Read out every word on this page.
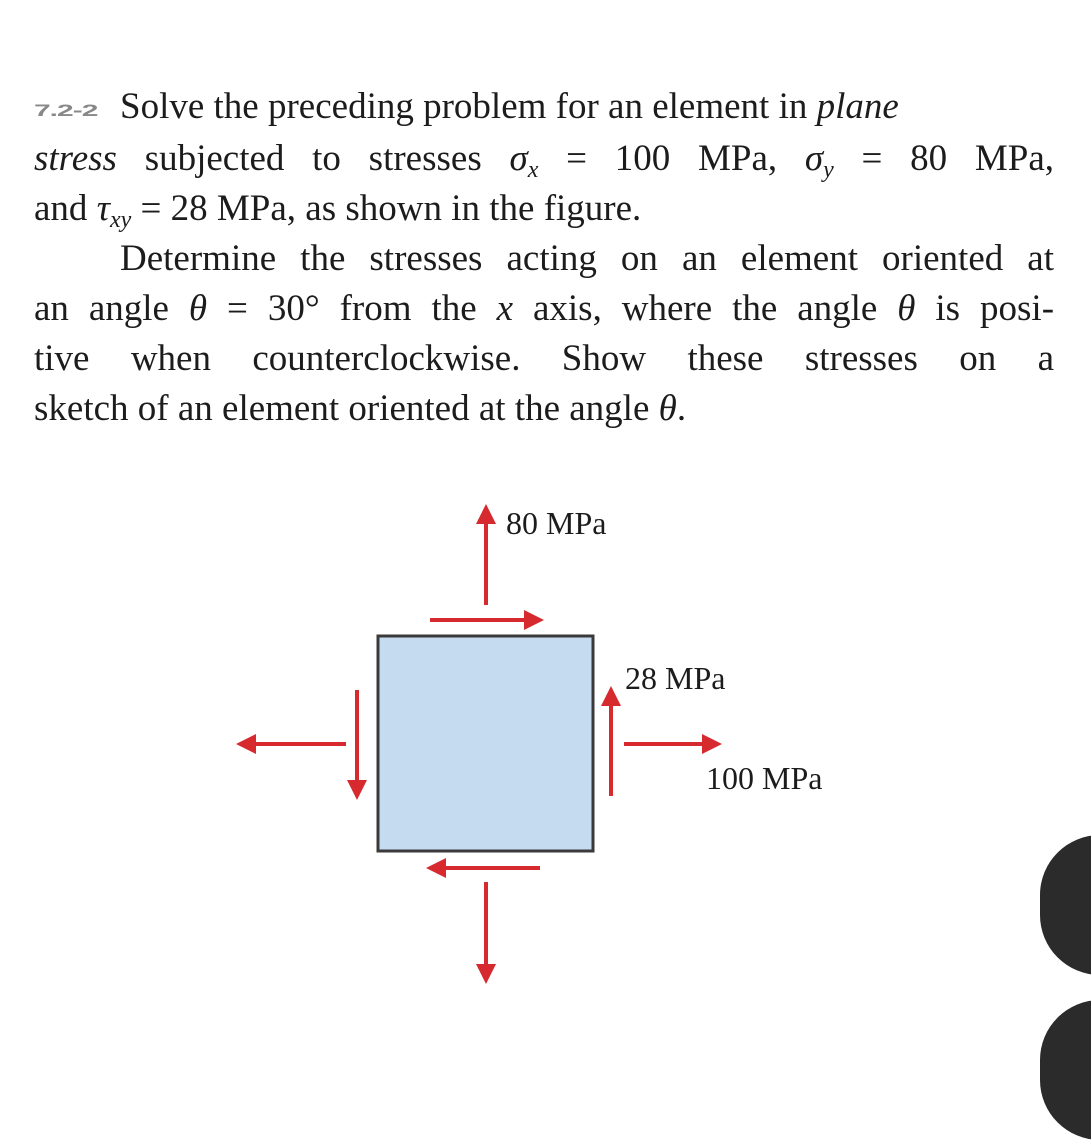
7.2-2 Solve the preceding problem for an element in plane
stress subjected to stresses $\sigma_x = 100$ MPa, $\sigma_y = 80$ MPa,
and $\tau_{xy} = 28$ MPa, as shown in the figure.
Determine the stresses acting on an element oriented at
an angle θ = 30° from the x axis, where the angle θ is posi-
tive when counterclockwise. Show these stresses on a
sketch of an element oriented at the angle θ.
80 MPa
28 MPa
100 MPa
